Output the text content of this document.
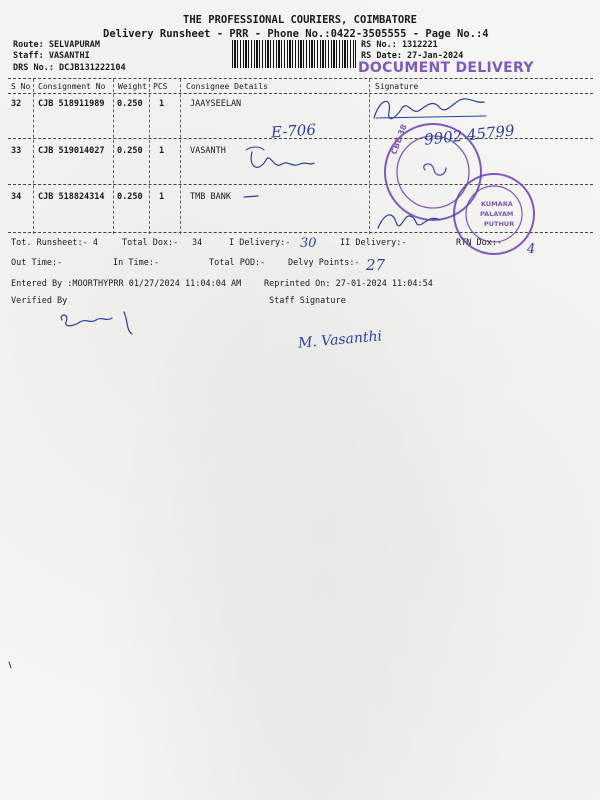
THE PROFESSIONAL COURIERS, COIMBATORE
Delivery Runsheet - PRR - Phone No.:0422-3505555 - Page No.:4
Route: SELVAPURAM
Staff: VASANTHI
DRS No.: DCJB131222104
RS No.: 1312221
RS Date: 27-Jan-2024
DOCUMENT DELIVERY
S No Consignment No Weight PCS Consignee Details	Signature
32 CJB 518911989 0.250 1	JAAYSEELAN
33 CJB 519014027 0.250 1	VASANTH
34 CJB 518824314 0.250 1	TMB BANK
Tot. Runsheet:- 4	Total Dox:- 34	I Delivery:-	II Delivery:-	RTN Dox:-
Out Time:-	In Time:-	Total POD:-	Delvy Points:-
Entered By :MOORTHYPRR 01/27/2024 11:04:04 AM	Reprinted On: 27-01-2024 11:04:54
Verified By	Staff Signature
E-706	9902 45799
30
27
4
M. Vasanthi
CBE 38
KUMARA
PALAYAM
PUTHUR
